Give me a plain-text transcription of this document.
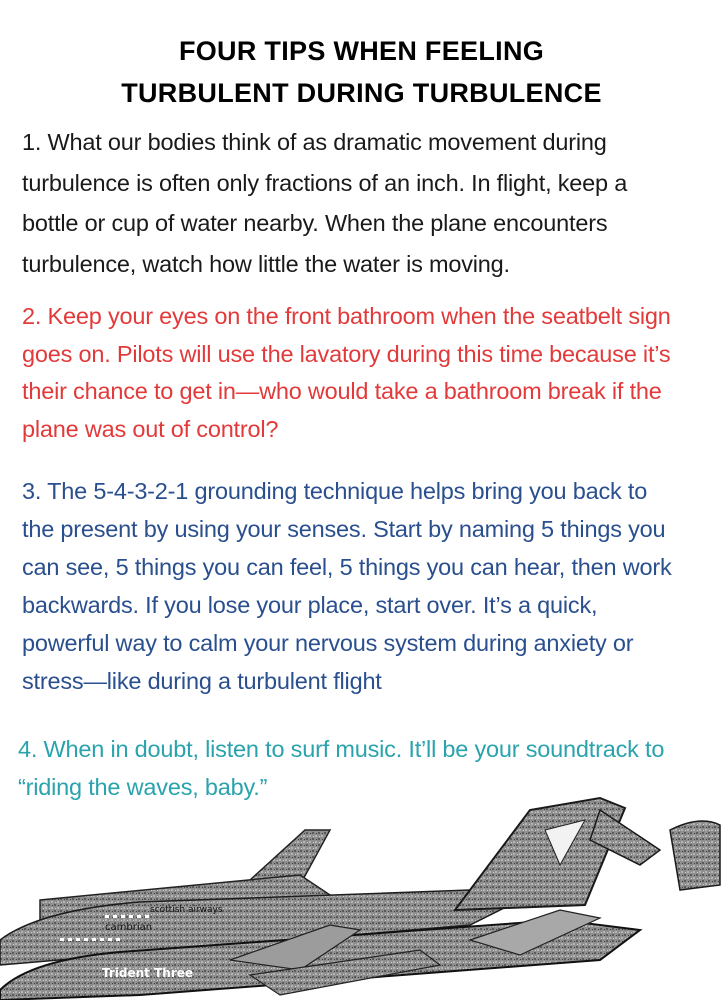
FOUR TIPS WHEN FEELING
TURBULENT DURING TURBULENCE
1. What our bodies think of as dramatic movement during
turbulence is often only fractions of an inch. In flight, keep a
bottle or cup of water nearby. When the plane encounters
turbulence, watch how little the water is moving.
2. Keep your eyes on the front bathroom when the seatbelt sign
goes on. Pilots will use the lavatory during this time because it’s
their chance to get in—who would take a bathroom break if the
plane was out of control?
3. The 5-4-3-2-1 grounding technique helps bring you back to
the present by using your senses. Start by naming 5 things you
can see, 5 things you can feel, 5 things you can hear, then work
backwards. If you lose your place, start over. It’s a quick,
powerful way to calm your nervous system during anxiety or
stress—like during a turbulent flight
4. When in doubt, listen to surf music. It’ll be your soundtrack to
“riding the waves, baby.”
scottish airways
cambrian
Trident Three
